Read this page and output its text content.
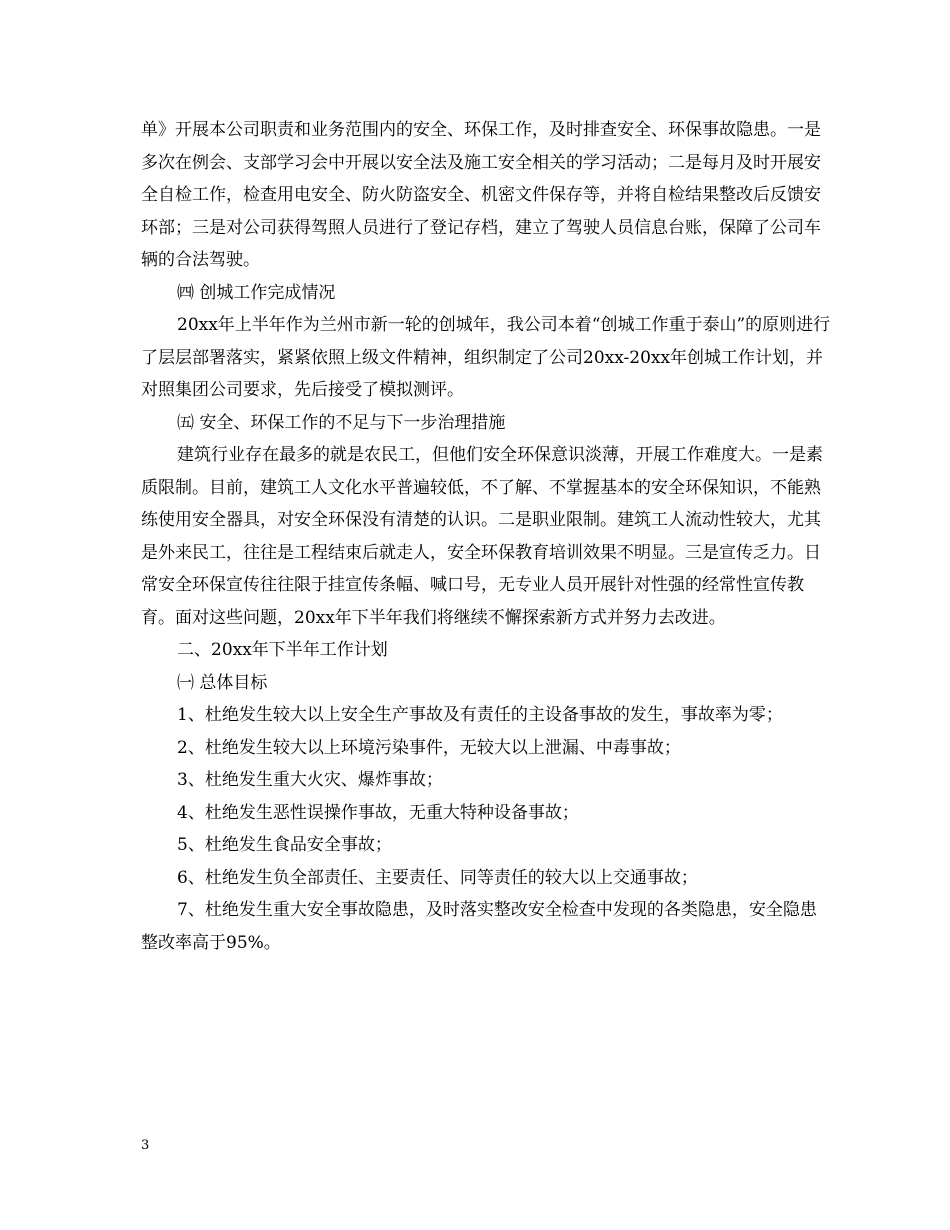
单》开展本公司职责和业务范围内的安全、环保工作，及时排查安全、环保事故隐患。一是多次在例会、支部学习会中开展以安全法及施工安全相关的学习活动；二是每月及时开展安全自检工作，检查用电安全、防火防盗安全、机密文件保存等，并将自检结果整改后反馈安环部；三是对公司获得驾照人员进行了登记存档，建立了驾驶人员信息台账，保障了公司车辆的合法驾驶。

㈣ 创城工作完成情况

20xx年上半年作为兰州市新一轮的创城年，我公司本着“创城工作重于泰山”的原则进行了层层部署落实，紧紧依照上级文件精神，组织制定了公司20xx-20xx年创城工作计划，并对照集团公司要求，先后接受了模拟测评。

㈤ 安全、环保工作的不足与下一步治理措施

建筑行业存在最多的就是农民工，但他们安全环保意识淡薄，开展工作难度大。一是素质限制。目前，建筑工人文化水平普遍较低，不了解、不掌握基本的安全环保知识，不能熟练使用安全器具，对安全环保没有清楚的认识。二是职业限制。建筑工人流动性较大，尤其是外来民工，往往是工程结束后就走人，安全环保教育培训效果不明显。三是宣传乏力。日常安全环保宣传往往限于挂宣传条幅、喊口号，无专业人员开展针对性强的经常性宣传教育。面对这些问题，20xx年下半年我们将继续不懈探索新方式并努力去改进。

二、20xx年下半年工作计划

㈠ 总体目标

1、杜绝发生较大以上安全生产事故及有责任的主设备事故的发生，事故率为零；

2、杜绝发生较大以上环境污染事件，无较大以上泄漏、中毒事故；

3、杜绝发生重大火灾、爆炸事故；

4、杜绝发生恶性误操作事故，无重大特种设备事故；

5、杜绝发生食品安全事故；

6、杜绝发生负全部责任、主要责任、同等责任的较大以上交通事故；

7、杜绝发生重大安全事故隐患，及时落实整改安全检查中发现的各类隐患，安全隐患整改率高于95%。

3
